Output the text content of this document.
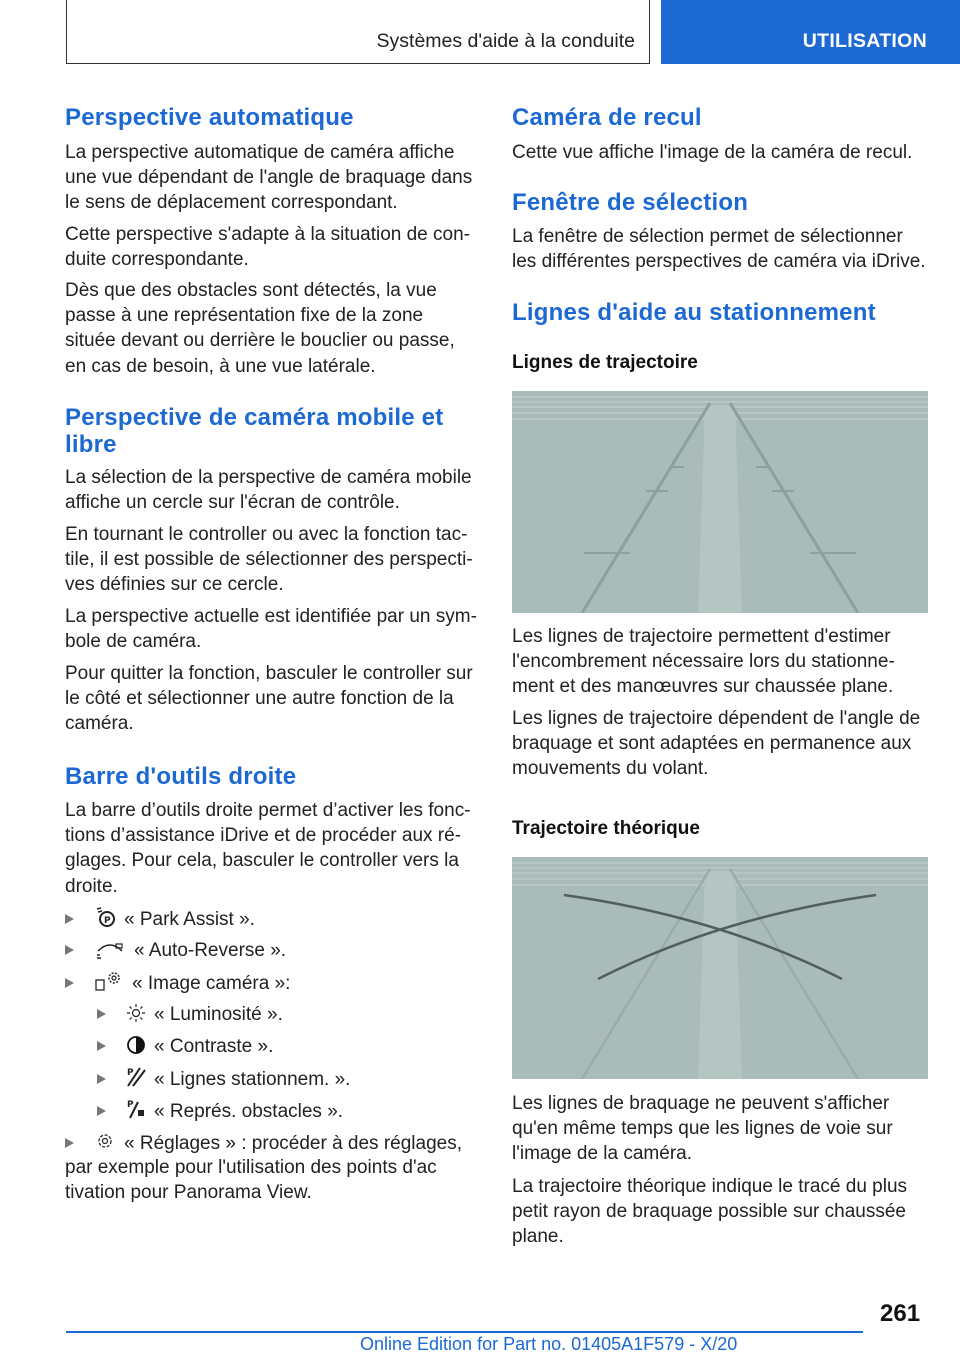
Systèmes d'aide à la conduite	UTILISATION
Perspective automatique

La perspective automatique de caméra affiche une vue dépendant de l'angle de braquage dans le sens de déplacement correspondant.

Cette perspective s'adapte à la situation de conduite correspondante.

Dès que des obstacles sont détectés, la vue passe à une représentation fixe de la zone située devant ou derrière le bouclier ou passe, en cas de besoin, à une vue latérale.

Perspective de caméra mobile et libre

La sélection de la perspective de caméra mobile affiche un cercle sur l'écran de contrôle.

En tournant le controller ou avec la fonction tactile, il est possible de sélectionner des perspectives définies sur ce cercle.

La perspective actuelle est identifiée par un symbole de caméra.

Pour quitter la fonction, basculer le controller sur le côté et sélectionner une autre fonction de la caméra.

Barre d'outils droite

La barre d’outils droite permet d’activer les fonctions d’assistance iDrive et de procéder aux réglages. Pour cela, basculer le controller vers la droite.

P « Park Assist ».
« Auto-Reverse ».
« Image caméra »:
« Luminosité ».
« Contraste ».
P « Lignes stationnem. ».
P « Représ. obstacles ».
« Réglages » : procéder à des réglages,
par exemple pour l'utilisation des points d'ac
tivation pour Panorama View.
Caméra de recul

Cette vue affiche l'image de la caméra de recul.

Fenêtre de sélection

La fenêtre de sélection permet de sélectionner les différentes perspectives de caméra via iDrive.

Lignes d'aide au stationnement
Lignes de trajectoire

Les lignes de trajectoire permettent d'estimer l'encombrement nécessaire lors du stationnement et des manœuvres sur chaussée plane.

Les lignes de trajectoire dépendent de l'angle de braquage et sont adaptées en permanence aux mouvements du volant.

Trajectoire théorique

Les lignes de braquage ne peuvent s'afficher qu'en même temps que les lignes de voie sur l'image de la caméra.

La trajectoire théorique indique le tracé du plus petit rayon de braquage possible sur chaussée plane.

261
Online Edition for Part no. 01405A1F579 - X/20
